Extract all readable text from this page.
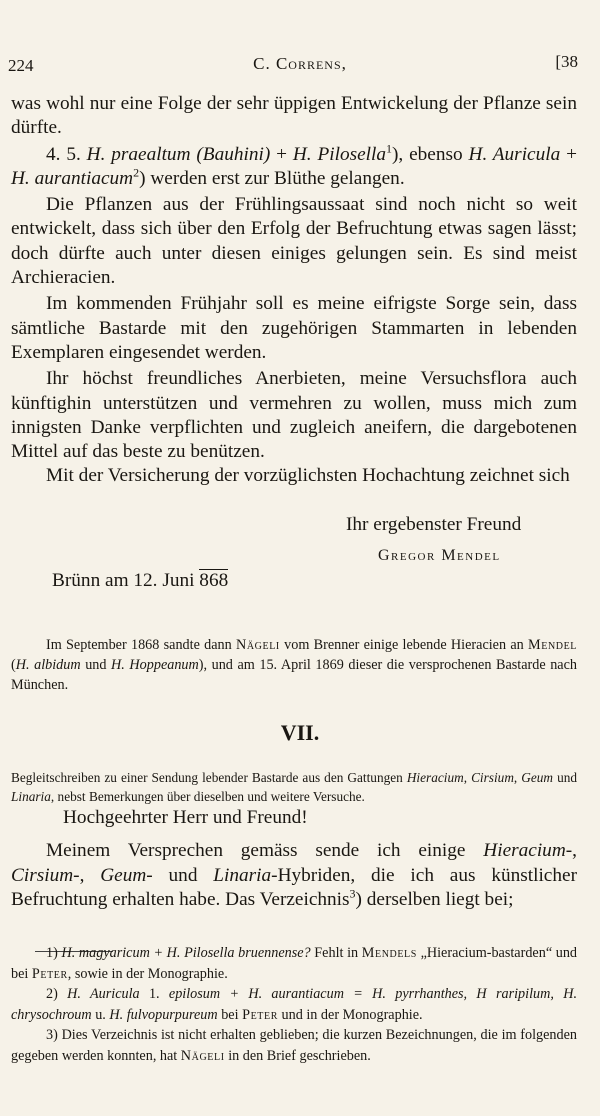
224	C. Correns,	[38

was wohl nur eine Folge der sehr üppigen Entwickelung der Pflanze sein dürfte.

4. 5. H. praealtum (Bauhini) + H. Pilosella$^1$), ebenso H. Auricula + H. aurantiacum$^2$) werden erst zur Blüthe gelangen.

Die Pflanzen aus der Frühlingsaussaat sind noch nicht so weit entwickelt, dass sich über den Erfolg der Befruchtung etwas sagen lässt; doch dürfte auch unter diesen einiges gelungen sein. Es sind meist Archieracien.

Im kommenden Frühjahr soll es meine eifrigste Sorge sein, dass sämtliche Bastarde mit den zugehörigen Stammarten in lebenden Exemplaren eingesendet werden.

Ihr höchst freundliches Anerbieten, meine Versuchsflora auch künftighin unterstützen und vermehren zu wollen, muss mich zum innigsten Danke verpflichten und zugleich aneifern, die dargebotenen Mittel auf das beste zu benützen.

Mit der Versicherung der vorzüglichsten Hochachtung zeichnet sich

Ihr ergebenster Freund
Gregor Mendel
Brünn am 12. Juni 868

Im September 1868 sandte dann Nägeli vom Brenner einige lebende Hieracien an Mendel (H. albidum und H. Hoppeanum), und am 15. April 1869 dieser die versprochenen Bastarde nach München.

VII.

Begleitschreiben zu einer Sendung lebender Bastarde aus den Gattungen Hieracium, Cirsium, Geum und Linaria, nebst Bemerkungen über dieselben und weitere Versuche.

Hochgeehrter Herr und Freund!

Meinem Versprechen gemäss sende ich einige Hieracium-, Cirsium-, Geum- und Linaria-Hybriden, die ich aus künstlicher Befruchtung erhalten habe. Das Verzeichnis$^3$) derselben liegt bei;

1) H. magyaricum + H. Pilosella bruennense? Fehlt in Mendels „Hieracium-bastarden“ und bei Peter, sowie in der Monographie.

2) H. Auricula 1. epilosum + H. aurantiacum = H. pyrrhanthes, H raripilum, H. chrysochroum u. H. fulvopurpureum bei Peter und in der Monographie.

3) Dies Verzeichnis ist nicht erhalten geblieben; die kurzen Bezeichnungen, die im folgenden gegeben werden konnten, hat Nägeli in den Brief geschrieben.
